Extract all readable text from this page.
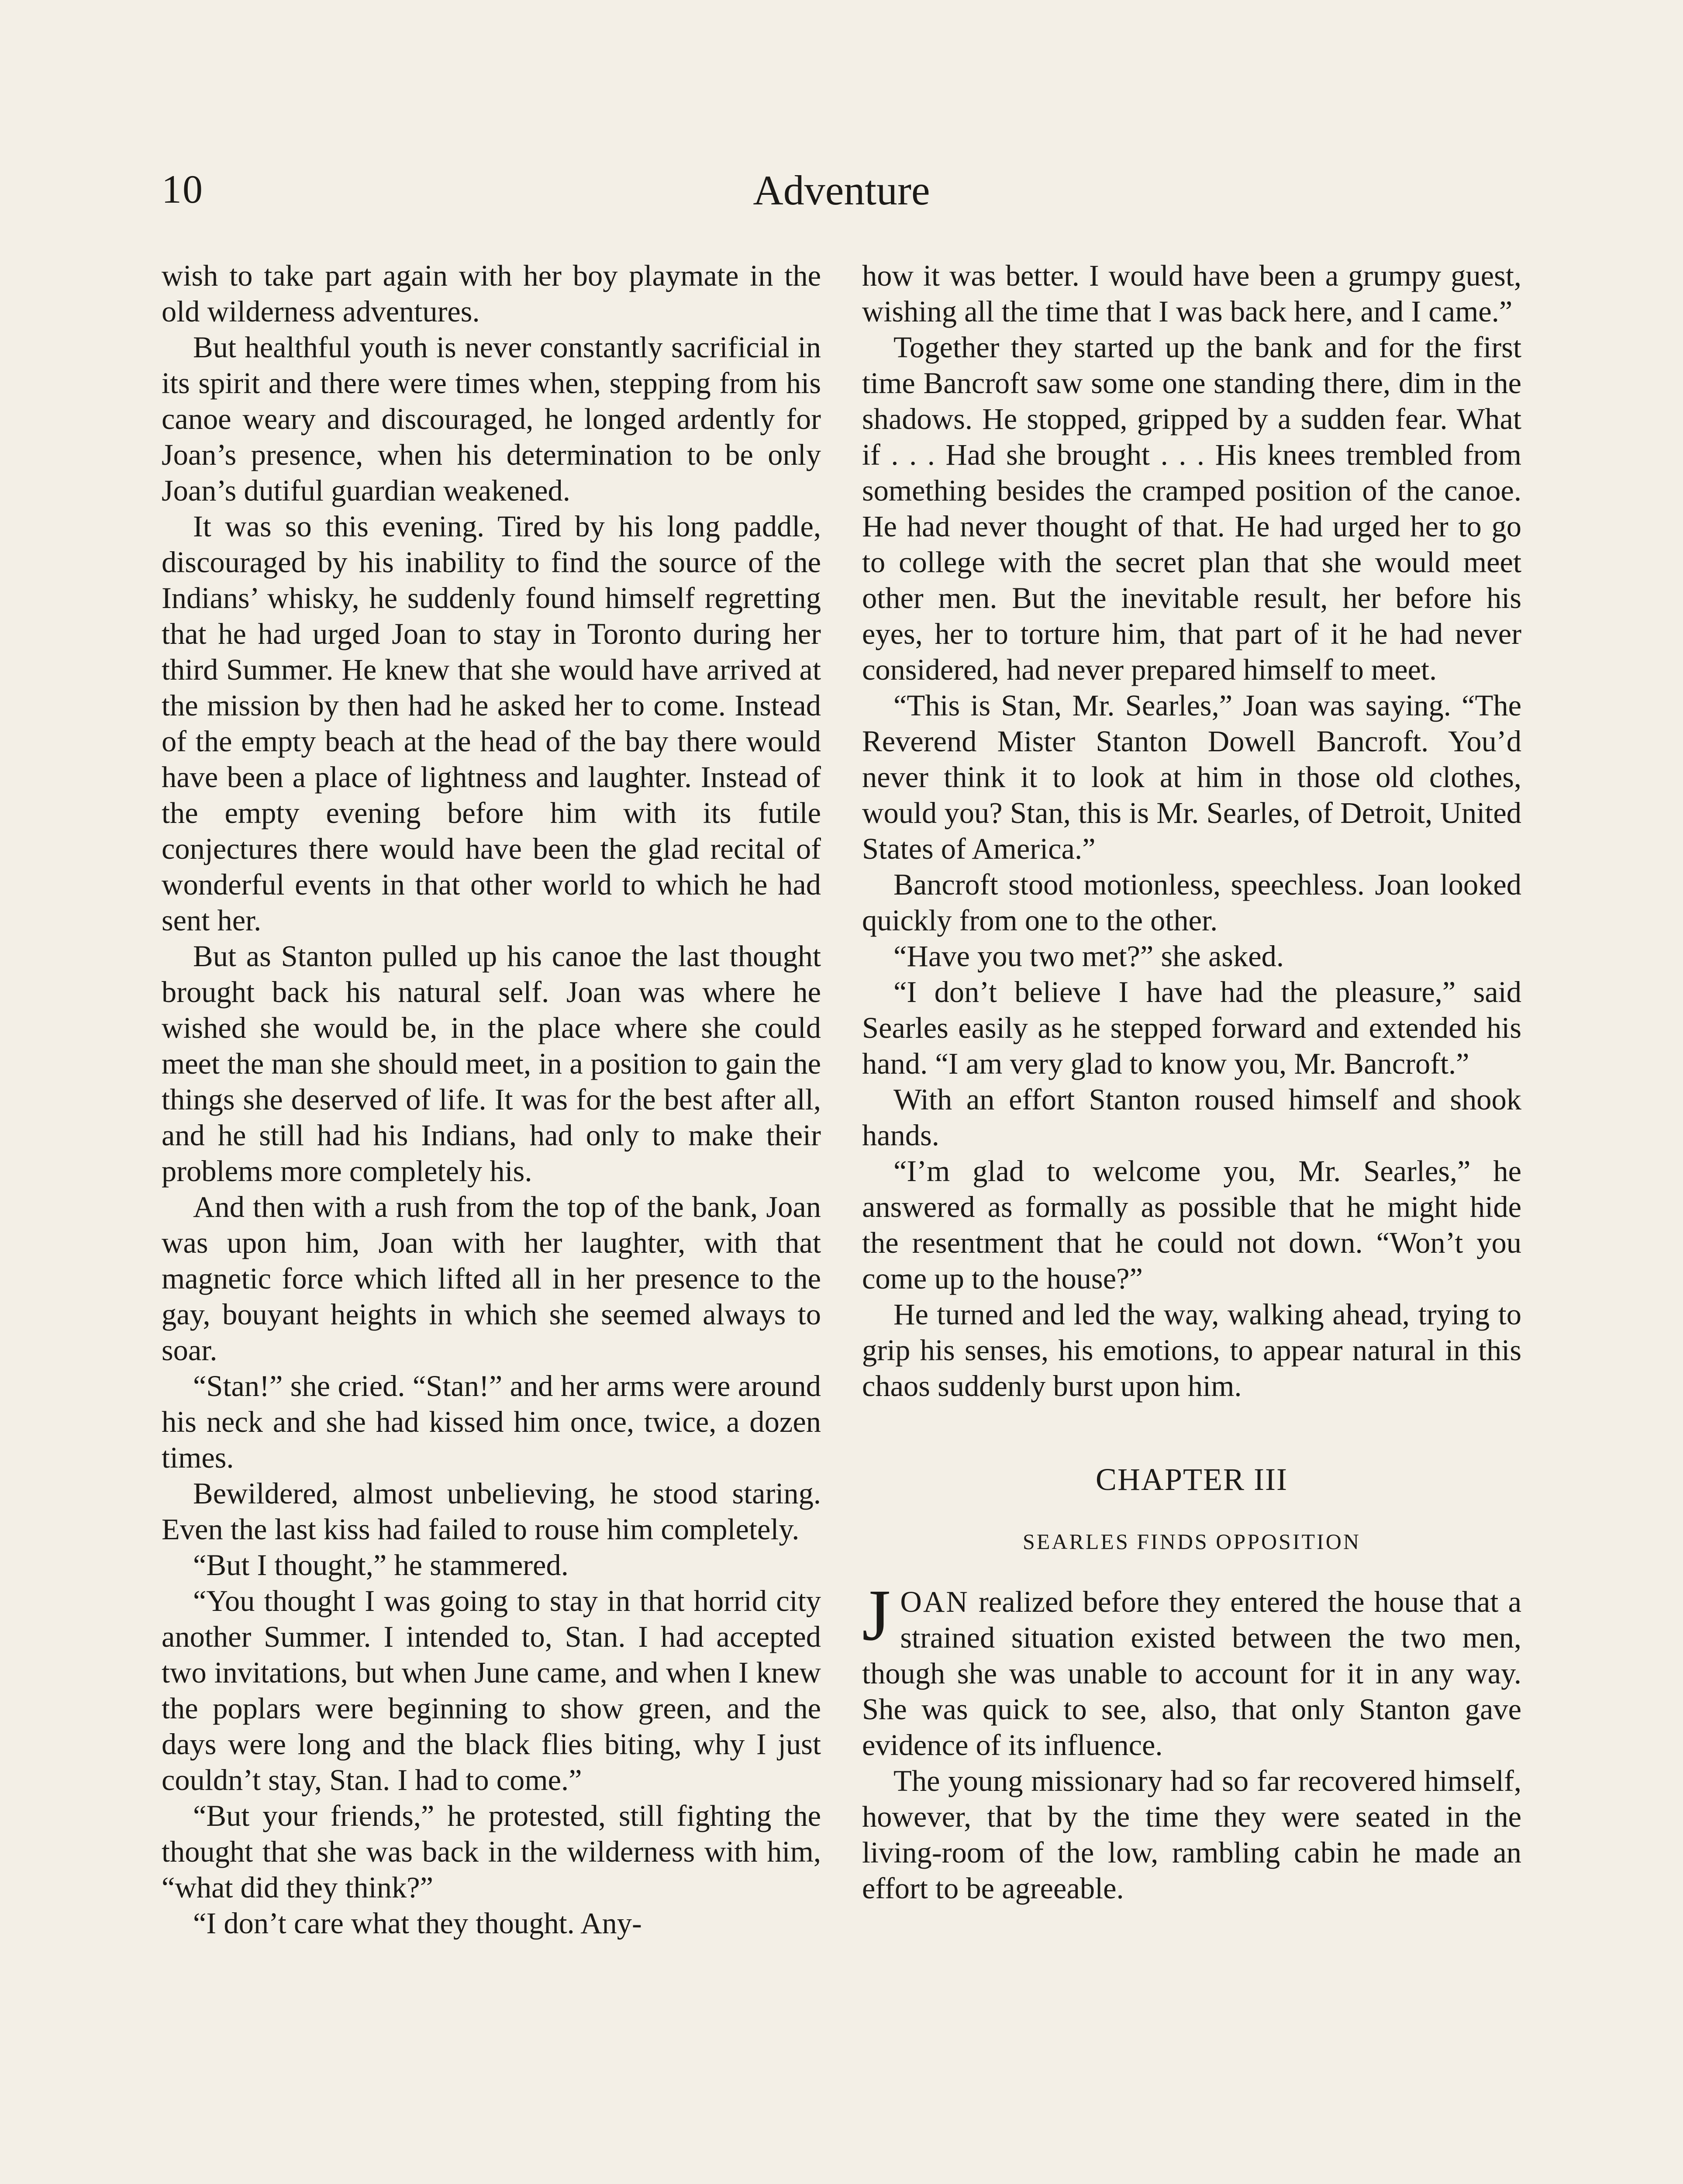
10	Adventure

wish to take part again with her boy playmate in the old wilderness adventures.

But healthful youth is never constantly sacrificial in its spirit and there were times when, stepping from his canoe weary and discouraged, he longed ardently for Joan’s presence, when his determination to be only Joan’s dutiful guardian weakened.

It was so this evening. Tired by his long paddle, discouraged by his inability to find the source of the Indians’ whisky, he suddenly found himself regretting that he had urged Joan to stay in Toronto during her third Summer. He knew that she would have arrived at the mission by then had he asked her to come. Instead of the empty beach at the head of the bay there would have been a place of lightness and laughter. Instead of the empty evening before him with its futile conjectures there would have been the glad recital of wonderful events in that other world to which he had sent her.

But as Stanton pulled up his canoe the last thought brought back his natural self. Joan was where he wished she would be, in the place where she could meet the man she should meet, in a position to gain the things she deserved of life. It was for the best after all, and he still had his Indians, had only to make their problems more completely his.

And then with a rush from the top of the bank, Joan was upon him, Joan with her laughter, with that magnetic force which lifted all in her presence to the gay, bouyant heights in which she seemed always to soar.

“Stan!” she cried. “Stan!” and her arms were around his neck and she had kissed him once, twice, a dozen times.

Bewildered, almost unbelieving, he stood staring. Even the last kiss had failed to rouse him completely.

“But I thought,” he stammered.

“You thought I was going to stay in that horrid city another Summer. I intended to, Stan. I had accepted two invitations, but when June came, and when I knew the poplars were beginning to show green, and the days were long and the black flies biting, why I just couldn’t stay, Stan. I had to come.”

“But your friends,” he protested, still fighting the thought that she was back in the wilderness with him, “what did they think?”

“I don’t care what they thought. Any-

how it was better. I would have been a grumpy guest, wishing all the time that I was back here, and I came.”

Together they started up the bank and for the first time Bancroft saw some one standing there, dim in the shadows. He stopped, gripped by a sudden fear. What if . . . Had she brought . . . His knees trembled from something besides the cramped position of the canoe. He had never thought of that. He had urged her to go to college with the secret plan that she would meet other men. But the inevitable result, her before his eyes, her to torture him, that part of it he had never considered, had never prepared himself to meet.

“This is Stan, Mr. Searles,” Joan was saying. “The Reverend Mister Stanton Dowell Bancroft. You’d never think it to look at him in those old clothes, would you? Stan, this is Mr. Searles, of Detroit, United States of America.”

Bancroft stood motionless, speechless. Joan looked quickly from one to the other.

“Have you two met?” she asked.

“I don’t believe I have had the pleasure,” said Searles easily as he stepped forward and extended his hand. “I am very glad to know you, Mr. Bancroft.”

With an effort Stanton roused himself and shook hands.

“I’m glad to welcome you, Mr. Searles,” he answered as formally as possible that he might hide the resentment that he could not down. “Won’t you come up to the house?”

He turned and led the way, walking ahead, trying to grip his senses, his emotions, to appear natural in this chaos suddenly burst upon him.

CHAPTER III
SEARLES FINDS OPPOSITION

JOAN realized before they entered the house that a strained situation existed between the two men, though she was unable to account for it in any way. She was quick to see, also, that only Stanton gave evidence of its influence.

The young missionary had so far recovered himself, however, that by the time they were seated in the living-room of the low, rambling cabin he made an effort to be agreeable.
